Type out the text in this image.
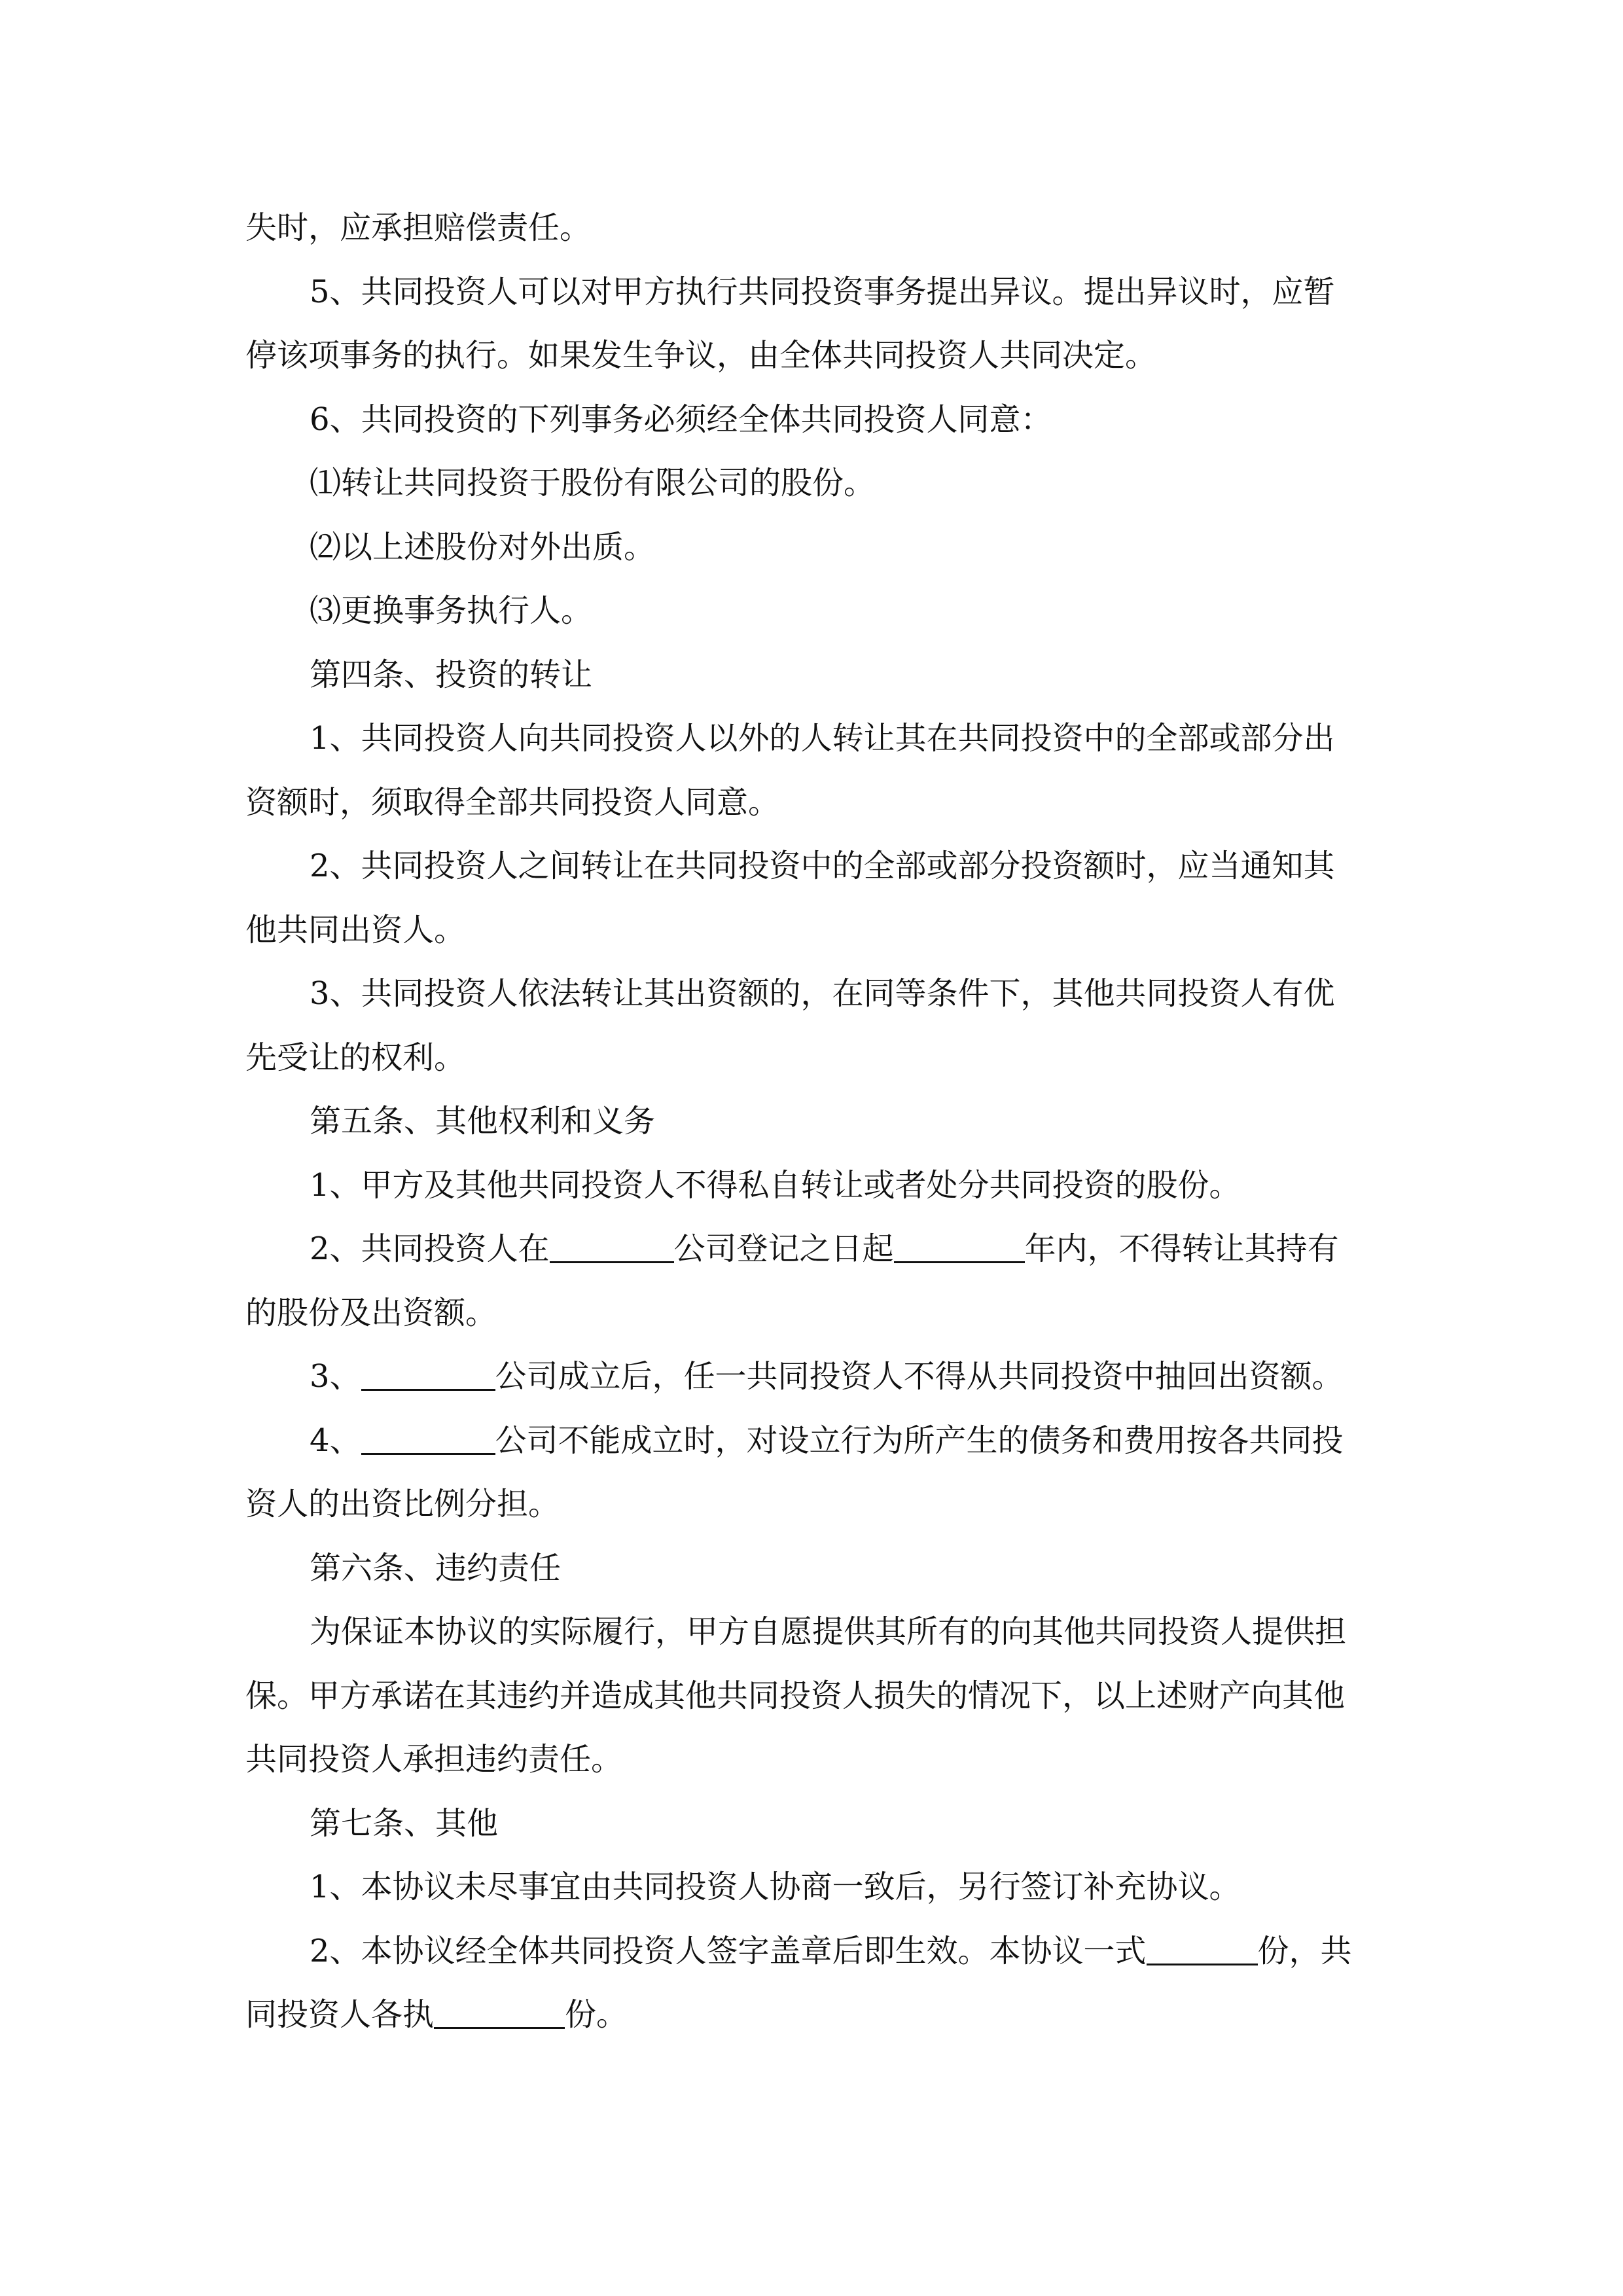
失时，应承担赔偿责任。

5、共同投资人可以对甲方执行共同投资事务提出异议。提出异议时，应暂

停该项事务的执行。如果发生争议，由全体共同投资人共同决定。

6、共同投资的下列事务必须经全体共同投资人同意：

⑴转让共同投资于股份有限公司的股份。

⑵以上述股份对外出质。

⑶更换事务执行人。

第四条、投资的转让

1、共同投资人向共同投资人以外的人转让其在共同投资中的全部或部分出

资额时，须取得全部共同投资人同意。

2、共同投资人之间转让在共同投资中的全部或部分投资额时，应当通知其

他共同出资人。

3、共同投资人依法转让其出资额的，在同等条件下，其他共同投资人有优

先受让的权利。

第五条、其他权利和义务

1、甲方及其他共同投资人不得私自转让或者处分共同投资的股份。

2、共同投资人在	公司登记之日起	年内，不得转让其持有

的股份及出资额。

3、	公司成立后，任一共同投资人不得从共同投资中抽回出资额。

4、	公司不能成立时，对设立行为所产生的债务和费用按各共同投

资人的出资比例分担。

第六条、违约责任

为保证本协议的实际履行，甲方自愿提供其所有的向其他共同投资人提供担

保。甲方承诺在其违约并造成其他共同投资人损失的情况下，以上述财产向其他

共同投资人承担违约责任。

第七条、其他

1、本协议未尽事宜由共同投资人协商一致后，另行签订补充协议。

2、本协议经全体共同投资人签字盖章后即生效。本协议一式	份，共

同投资人各执	份。
